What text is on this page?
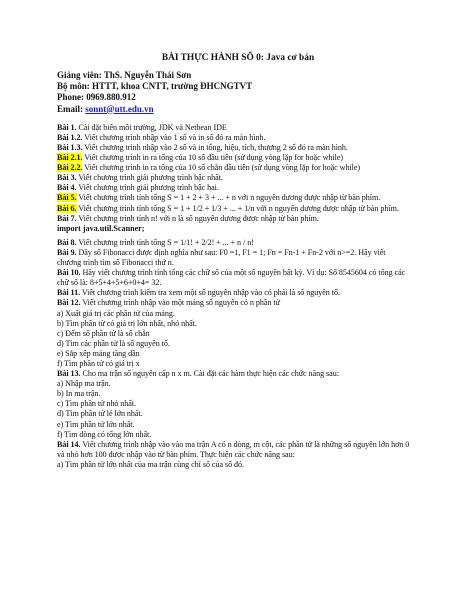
BÀI THỰC HÀNH SỐ 0: Java cơ bản
Giảng viên: ThS. Nguyễn Thái Sơn
Bộ môn: HTTT, khoa CNTT, trường ĐHCNGTVT
Phone: 0969.880.912
Email: sonnt@utt.edu.vn
Bài 1. Cài đặt biến môi trường, JDK và Netbean IDE
Bài 1.2. Viết chương trình nhập vào 1 số và in số đó ra màn hình.
Bài 1.3. Viết chương trình nhập vào 2 số và in tổng, hiệu, tích, thương 2 số đó ra màn hình.
Bài 2.1. Viết chương trình in ra tổng của 10 số đầu tiên (sử dụng vòng lặp for hoặc while)
Bài 2.2. Viết chương trình in ra tổng của 10 số chẵn đầu tiên (sử dụng vòng lặp for hoặc while)
Bài 3. Viết chương trình giải phương trình bậc nhất.
Bài 4. Viết chương trình giải phương trình bậc hai.
Bài 5. Viết chương trình tính tổng S = 1 + 2 + 3 + ... + n với n nguyên dương được nhập từ bàn phím.
Bài 6. Viết chương trình tính tổng S = 1 + 1/2 + 1/3 + ... + 1/n với n nguyên dương được nhập từ bàn phím.
Bài 7. Viết chương trình tính n! với n là số nguyên dương được nhập từ bàn phím.
import java.util.Scanner;
Bài 8. Viết chương trình tính tổng S = 1/1! + 2/2! + ... + n / n!
Bài 9. Dãy số Fibonacci được định nghĩa như sau: F0 =1, F1 = 1; Fn = Fn-1 + Fn-2 với n>=2. Hãy viết
chương trình tìm số Fibonacci thứ n.
Bài 10. Hãy viết chương trình tính tổng các chữ số của một số nguyên bất kỳ. Ví dụ: Số 8545604 có tổng các
chữ số là: 8+5+4+5+6+0+4= 32.
Bài 11. Viết chương trình kiểm tra xem một số nguyên nhập vào có phải là số nguyên tố.
Bài 12. Viết chương trình nhập vào một mảng số nguyên có n phần tử
a) Xuất giá trị các phần tử của mảng.
b) Tìm phần tử có giá trị lớn nhất, nhỏ nhất.
c) Đếm số phần tử là số chẵn
d) Tìm các phần tử là số nguyên tố.
e) Sắp xếp mảng tăng dần
f) Tìm phần tử có giá trị x
Bài 13. Cho ma trận số nguyên cấp n x m. Cài đặt các hàm thực hiện các chức năng sau:
a) Nhập ma trận.
b) In ma trận.
c) Tìm phần tử nhỏ nhất.
d) Tìm phần tử lẻ lớn nhất.
e) Tìm phần tử lớn nhất.
f) Tìm dòng có tổng lớn nhất.
Bài 14. Viết chương trình nhập vào vào ma trận A có n dòng, m cột, các phần tử là những số nguyên lớn hơn 0
và nhỏ hơn 100 được nhập vào từ bàn phím. Thực hiện các chức năng sau:
a) Tìm phần tử lớn nhất của ma trận cùng chỉ số của số đó.
